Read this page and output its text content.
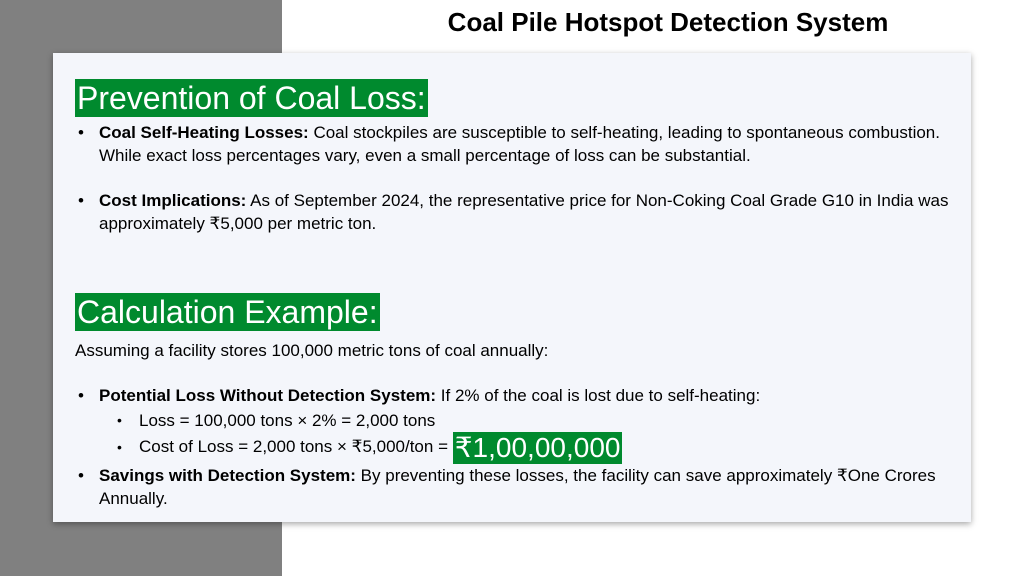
Coal Pile Hotspot Detection System
Prevention of Coal Loss:
• Coal Self-Heating Losses: Coal stockpiles are susceptible to self-heating, leading to spontaneous combustion. While exact loss percentages vary, even a small percentage of loss can be substantial.
• Cost Implications: As of September 2024, the representative price for Non-Coking Coal Grade G10 in India was approximately ₹5,000 per metric ton.
Calculation Example:
Assuming a facility stores 100,000 metric tons of coal annually:
• Potential Loss Without Detection System: If 2% of the coal is lost due to self-heating:
• Loss = 100,000 tons × 2% = 2,000 tons
• Cost of Loss = 2,000 tons × ₹5,000/ton = ₹1,00,00,000
• Savings with Detection System: By preventing these losses, the facility can save approximately ₹One Crores Annually.
